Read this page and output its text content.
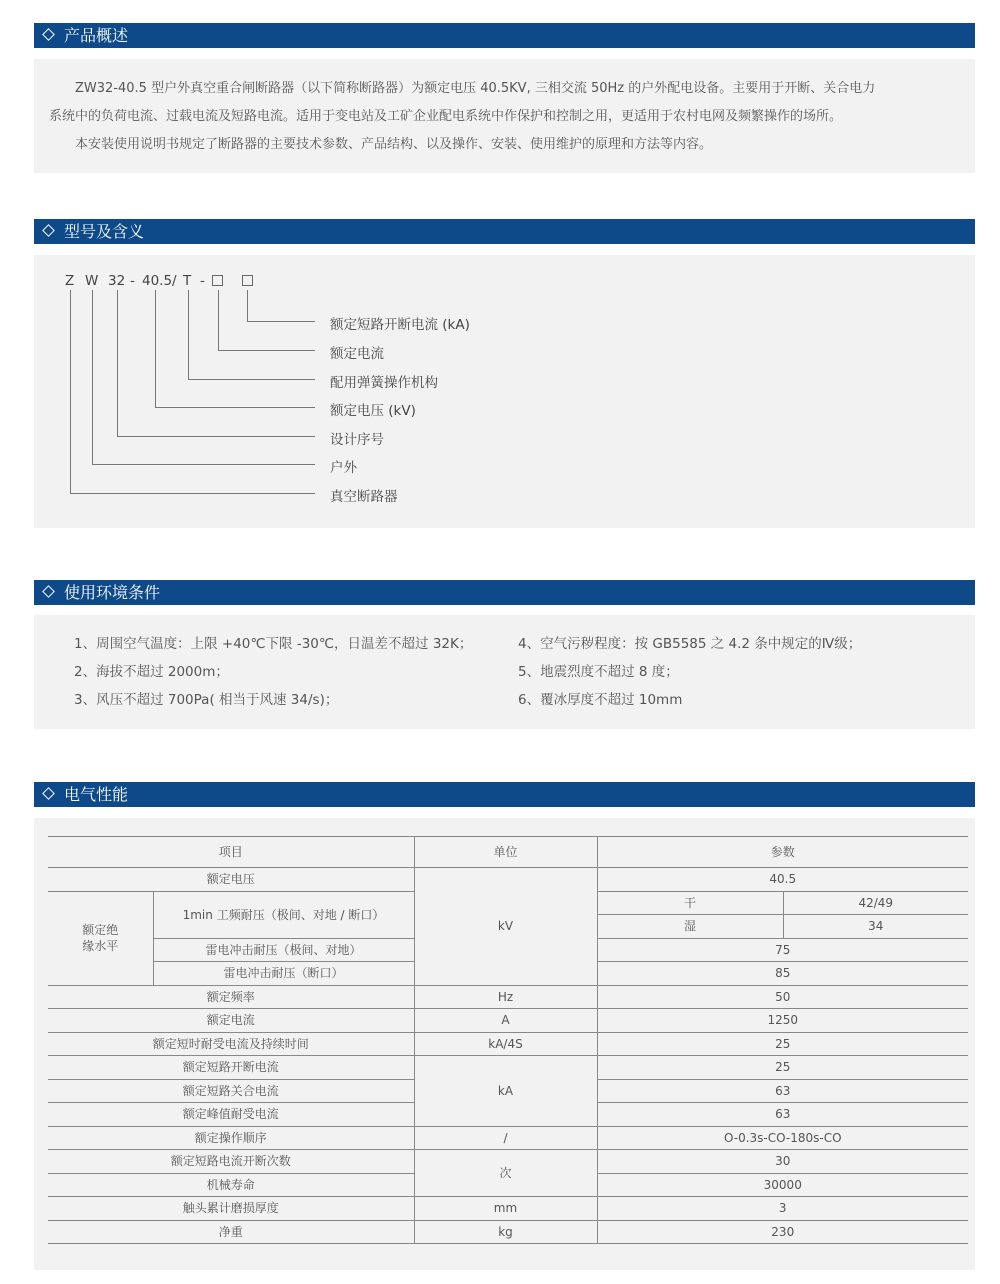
产品概述
ZW32-40.5 型户外真空重合闸断路器（以下简称断路器）为额定电压 40.5KV, 三相交流 50Hz 的户外配电设备。主要用于开断、关合电力
系统中的负荷电流、过载电流及短路电流。适用于变电站及工矿企业配电系统中作保护和控制之用，更适用于农村电网及频繁操作的场所。
本安装使用说明书规定了断路器的主要技术参数、产品结构、以及操作、安装、使用维护的原理和方法等内容。
型号及含义
Z W 32 - 40.5/ T -
额定短路开断电流 (kA)
额定电流
配用弹簧操作机构
额定电压 (kV)
设计序号
户外
真空断路器
使用环境条件
1、周围空气温度：上限 +40℃下限 -30℃，日温差不超过 32K；
2、海拔不超过 2000m；
3、风压不超过 700Pa( 相当于风速 34/s)；
4、空气污秽程度：按 GB5585 之 4.2 条中规定的Ⅳ级；
5、地震烈度不超过 8 度；
6、覆冰厚度不超过 10mm
电气性能
项目		单位	参数	
额定电压		kV	40.5	
额定绝缘水平	1min 工频耐压（极间、对地 / 断口）		干	42/49
			湿	34
	雷电冲击耐压（极间、对地）		75	
	雷电冲击耐压（断口）		85	
额定频率		Hz	50	
额定电流		A	1250	
额定短时耐受电流及持续时间		kA/4S	25	
额定短路开断电流		kA	25	
额定短路关合电流			63	
额定峰值耐受电流			63	
额定操作顺序		/	O-0.3s-CO-180s-CO	
额定短路电流开断次数		次	30	
机械寿命			30000	
触头累计磨损厚度		mm	3	
净重		kg	230	
